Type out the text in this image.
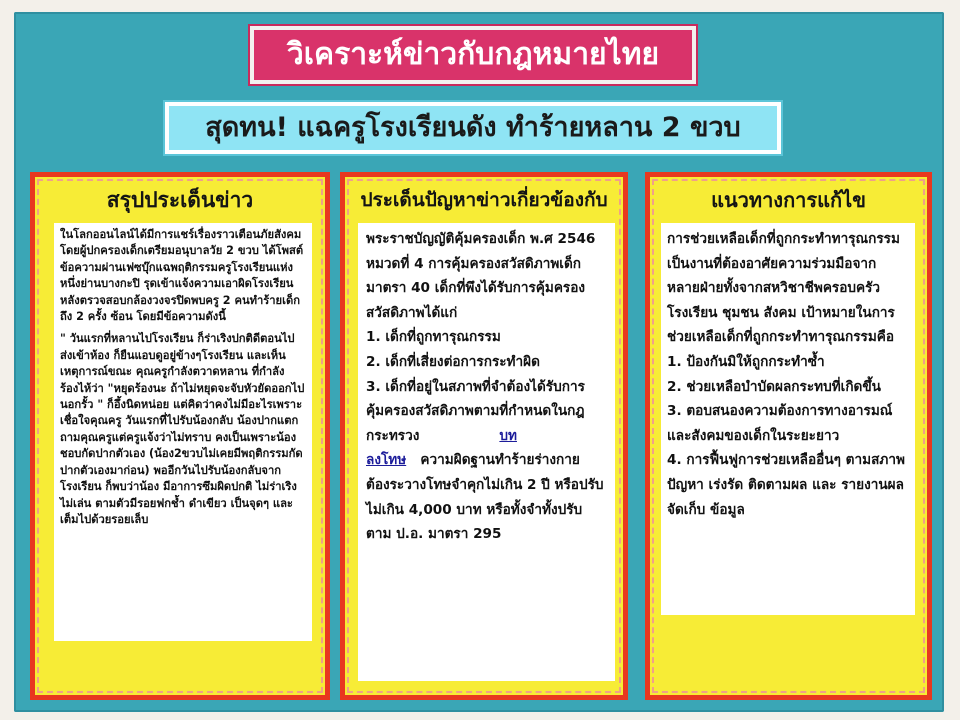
วิเคราะห์ข่าวกับกฎหมายไทย
สุดทน! แฉครูโรงเรียนดัง ทำร้ายหลาน 2 ขวบ
สรุปประเด็นข่าว

ในโลกออนไลน์ได้มีการแชร์เรื่องราวเตือนภัยสังคม โดยผู้ปกครองเด็กเตรียมอนุบาลวัย 2 ขวบ ได้โพสต์ข้อความผ่านเฟซบุ๊กแฉพฤติกรรมครูโรงเรียนแห่งหนึ่งย่านบางกะปิ รุดเข้าแจ้งความเอาผิดโรงเรียน หลังตรวจสอบกล้องวงจรปิดพบครู 2 คนทำร้ายเด็กถึง 2 ครั้ง ซ้อน โดยมีข้อความดังนี้

" วันแรกที่หลานไปโรงเรียน ก็ร่าเริงปกติดีตอนไปส่งเข้าห้อง ก็ยืนแอบดูอยู่ข้างๆโรงเรียน และเห็นเหตุการณ์ขณะ คุณครูกำลังตวาดหลาน ที่กำลังร้องไห้ว่า "หยุดร้องนะ ถ้าไม่หยุดจะจับหัวยัดออกไปนอกรั้ว " ก็อึ้งนิดหน่อย แต่คิดว่าคงไม่มีอะไรเพราะเชื่อใจคุณครู วันแรกที่ไปรับน้องกลับ น้องปากแตก ถามคุณครูแต่ครูแจ้งว่าไม่ทราบ คงเป็นเพราะน้องชอบกัดปากตัวเอง (น้อง2ขวบไม่เคยมีพฤติกรรมกัดปากตัวเองมาก่อน) พออีกวันไปรับน้องกลับจากโรงเรียน ก็พบว่าน้อง มีอาการซึมผิดปกติ ไม่ร่าเริง ไม่เล่น ตามตัวมีรอยฟกช้ำ ดำเขียว เป็นจุดๆ และเต็มไปด้วยรอยเล็บ

ประเด็นปัญหาข่าวเกี่ยวข้องกับ

พระราชบัญญัติคุ้มครองเด็ก พ.ศ 2546

หมวดที่ 4 การคุ้มครองสวัสดิภาพเด็ก

มาตรา 40 เด็กที่พึงได้รับการคุ้มครองสวัสดิภาพได้แก่

1. เด็กที่ถูกทารุณกรรม

2. เด็กที่เสี่ยงต่อการกระทำผิด

3. เด็กที่อยู่ในสภาพที่จำต้องได้รับการคุ้มครองสวัสดิภาพตามที่กำหนดในกฎกระทรวง	บท

ลงโทษ ความผิดฐานทำร้ายร่างกาย ต้องระวางโทษจำคุกไม่เกิน 2 ปี หรือปรับไม่เกิน 4,000 บาท หรือทั้งจำทั้งปรับ ตาม ป.อ. มาตรา 295

แนวทางการแก้ไข

การช่วยเหลือเด็กที่ถูกกระทำทารุณกรรมเป็นงานที่ต้องอาศัยความร่วมมือจากหลายฝ่ายทั้งจากสหวิชาชีพครอบครัว โรงเรียน ชุมชน สังคม เป้าหมายในการช่วยเหลือเด็กที่ถูกกระทำทารุณกรรมคือ

1. ป้องกันมิให้ถูกกระทำซ้ำ

2. ช่วยเหลือบำบัดผลกระทบที่เกิดขึ้น

3. ตอบสนองความต้องการทางอารมณ์และสังคมของเด็กในระยะยาว

4. การฟื้นฟูการช่วยเหลืออื่นๆ ตามสภาพปัญหา เร่งรัด ติดตามผล และ รายงานผล จัดเก็บ ข้อมูล
